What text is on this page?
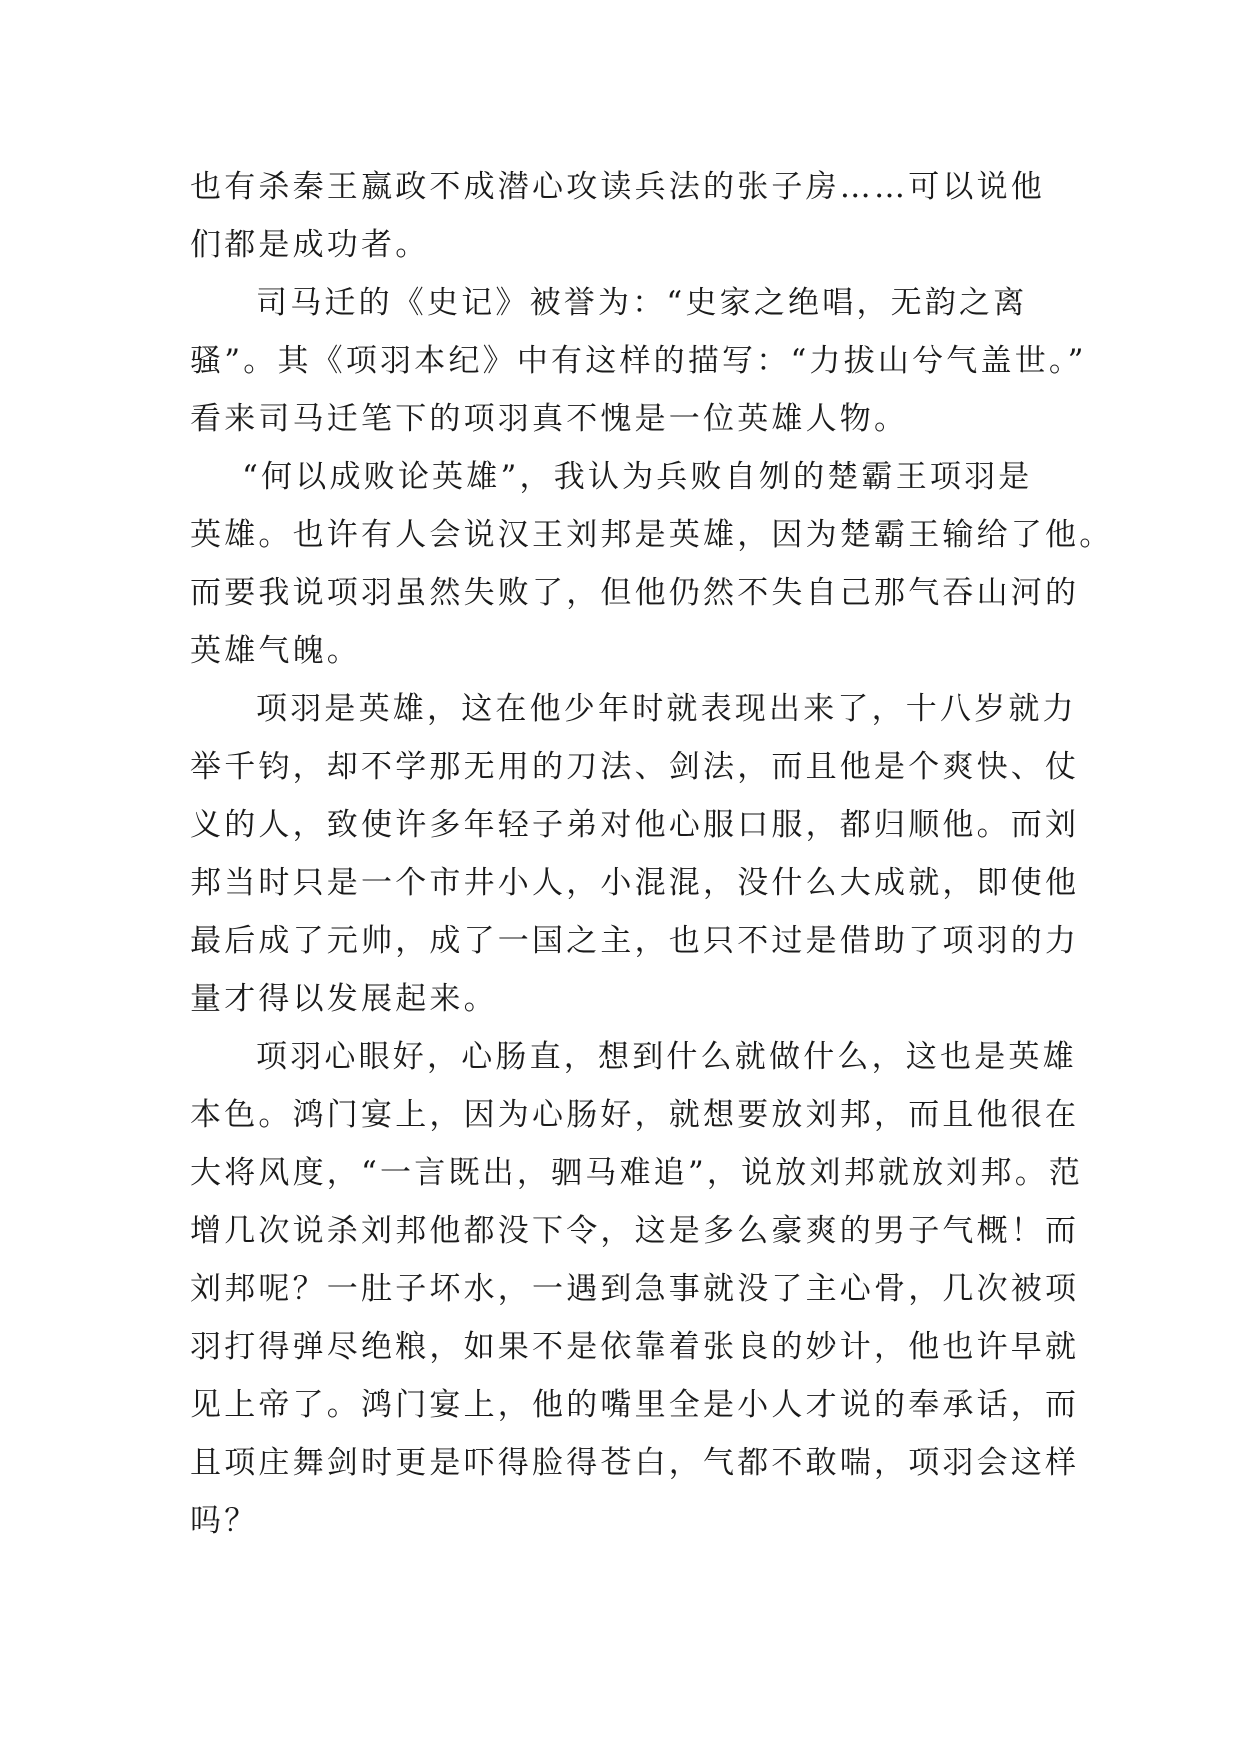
也有杀秦王嬴政不成潜心攻读兵法的张子房……可以说他
们都是成功者。
司马迁的《史记》被誉为：“史家之绝唱，无韵之离
骚”。其《项羽本纪》中有这样的描写：“力拔山兮气盖世。”
看来司马迁笔下的项羽真不愧是一位英雄人物。
“何以成败论英雄”，我认为兵败自刎的楚霸王项羽是
英雄。也许有人会说汉王刘邦是英雄，因为楚霸王输给了他。
而要我说项羽虽然失败了，但他仍然不失自己那气吞山河的
英雄气魄。
项羽是英雄，这在他少年时就表现出来了，十八岁就力
举千钧，却不学那无用的刀法、剑法，而且他是个爽快、仗
义的人，致使许多年轻子弟对他心服口服，都归顺他。而刘
邦当时只是一个市井小人，小混混，没什么大成就，即使他
最后成了元帅，成了一国之主，也只不过是借助了项羽的力
量才得以发展起来。
项羽心眼好，心肠直，想到什么就做什么，这也是英雄
本色。鸿门宴上，因为心肠好，就想要放刘邦，而且他很在
大将风度，“一言既出，驷马难追”，说放刘邦就放刘邦。范
增几次说杀刘邦他都没下令，这是多么豪爽的男子气概！而
刘邦呢？一肚子坏水，一遇到急事就没了主心骨，几次被项
羽打得弹尽绝粮，如果不是依靠着张良的妙计，他也许早就
见上帝了。鸿门宴上，他的嘴里全是小人才说的奉承话，而
且项庄舞剑时更是吓得脸得苍白，气都不敢喘，项羽会这样
吗？
